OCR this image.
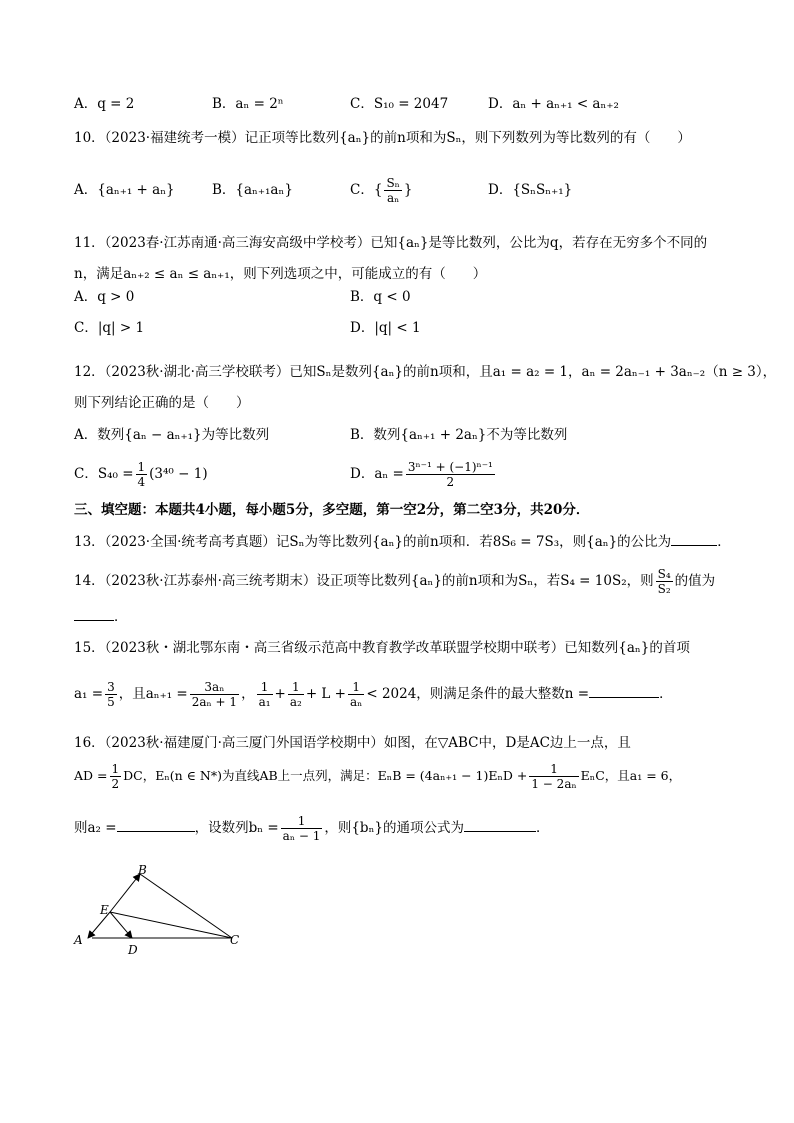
A．q = 2	B．aₙ = 2ⁿ	C．S₁₀ = 2047	D．aₙ + aₙ₊₁ < aₙ₊₂
10．（2023·福建统考一模）记正项等比数列{aₙ}的前n项和为Sₙ，则下列数列为等比数列的有（　　）
A．{aₙ₊₁ + aₙ}	B．{aₙ₊₁aₙ}	C．{ $\frac{\text{Sₙ}}{\text{aₙ}}$ }	D．{SₙSₙ₊₁}
11．（2023春·江苏南通·高三海安高级中学校考）已知{aₙ}是等比数列，公比为q，若存在无穷多个不同的
n，满足aₙ₊₂ ≤ aₙ ≤ aₙ₊₁，则下列选项之中，可能成立的有（　　）
A．q > 0	B．q < 0
C．|q| > 1	D．|q| < 1
12．（2023秋·湖北·高三学校联考）已知Sₙ是数列{aₙ}的前n项和，且a₁ = a₂ = 1，aₙ = 2aₙ₋₁ + 3aₙ₋₂（n ≥ 3），
则下列结论正确的是（　　）
A．数列{aₙ − aₙ₊₁}为等比数列	B．数列{aₙ₊₁ + 2aₙ}不为等比数列
C．$S_{40} = \frac{1}{4} (3^{40} - 1)$	D．$a_n = \frac{\text{3ⁿ⁻¹ + (−1)ⁿ⁻¹}}{2}$
三、填空题：本题共4小题，每小题5分，多空题，第一空2分，第二空3分，共20分．
13．（2023·全国·统考高考真题）记Sₙ为等比数列{aₙ}的前n项和．若8S₆ = 7S₃，则{aₙ}的公比为	．
14．（2023秋·江苏泰州·高三统考期末）设正项等比数列{aₙ}的前n项和为Sₙ，若S₄ = 10S₂，则 $\frac{\text{S₄}}{\text{S₂}}$ 的值为
．
15．（2023秋・湖北鄂东南・高三省级示范高中教育教学改革联盟学校期中联考）已知数列{aₙ}的首项
$a_1 = \frac{3}{5}$ ，且$a_{n+1} = \frac{\text{3aₙ}}{\text{2aₙ + 1}}$ ， $\frac{1}{\text{a₁}} + \frac{1}{\text{a₂}} + L + \frac{1}{\text{aₙ}} < 2024$，则满足条件的最大整数n =	．
16．（2023秋·福建厦门·高三厦门外国语学校期中）如图，在▽ABC中，D是AC边上一点，且
AD = $\frac{1}{2}$ DC，Eₙ(n ∈ N*)为直线AB上一点列，满足：$E_nB = (4a_{n+1} - 1)E_nD + \frac{1}{\text{1 − 2aₙ}}$ EₙC，且a₁ = 6，
则a₂ =	，设数列$b_n = \frac{1}{\text{aₙ − 1}}$ ，则{bₙ}的通项公式为	．
B
E
A
D
C
